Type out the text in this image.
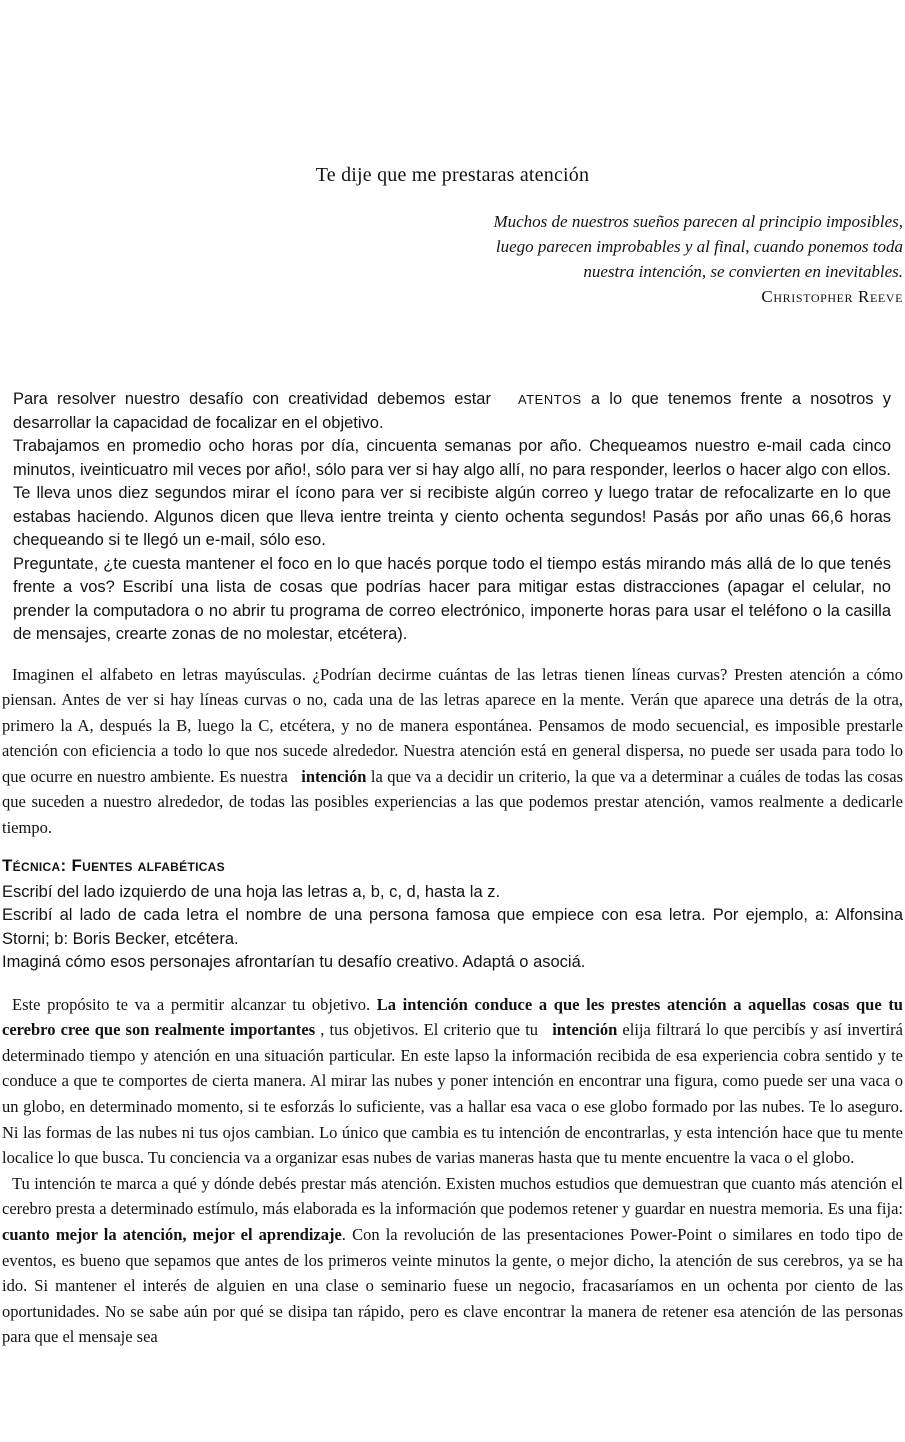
Te dije que me prestaras atención

Muchos de nuestros sueños parecen al principio imposibles,

luego parecen improbables y al final, cuando ponemos toda

nuestra intención, se convierten en inevitables.

Christopher Reeve

Para resolver nuestro desafío con creatividad debemos estar ATENTOS a lo que tenemos frente a nosotros y desarrollar la capacidad de focalizar en el objetivo.

Trabajamos en promedio ocho horas por día, cincuenta semanas por año. Chequeamos nuestro e-mail cada cinco minutos, iveinticuatro mil veces por año!, sólo para ver si hay algo allí, no para responder, leerlos o hacer algo con ellos. Te lleva unos diez segundos mirar el ícono para ver si recibiste algún correo y luego tratar de refocalizarte en lo que estabas haciendo. Algunos dicen que lleva ientre treinta y ciento ochenta segundos! Pasás por año unas 66,6 horas chequeando si te llegó un e-mail, sólo eso.

Preguntate, ¿te cuesta mantener el foco en lo que hacés porque todo el tiempo estás mirando más allá de lo que tenés frente a vos? Escribí una lista de cosas que podrías hacer para mitigar estas distracciones (apagar el celular, no prender la computadora o no abrir tu programa de correo electrónico, imponerte horas para usar el teléfono o la casilla de mensajes, crearte zonas de no molestar, etcétera).

Imaginen el alfabeto en letras mayúsculas. ¿Podrían decirme cuántas de las letras tienen líneas curvas? Presten atención a cómo piensan. Antes de ver si hay líneas curvas o no, cada una de las letras aparece en la mente. Verán que aparece una detrás de la otra, primero la A, después la B, luego la C, etcétera, y no de manera espontánea. Pensamos de modo secuencial, es imposible prestarle atención con eficiencia a todo lo que nos sucede alrededor. Nuestra atención está en general dispersa, no puede ser usada para todo lo que ocurre en nuestro ambiente. Es nuestra intención la que va a decidir un criterio, la que va a determinar a cuáles de todas las cosas que suceden a nuestro alrededor, de todas las posibles experiencias a las que podemos prestar atención, vamos realmente a dedicarle tiempo.

Técnica: Fuentes alfabéticas

Escribí del lado izquierdo de una hoja las letras a, b, c, d, hasta la z.

Escribí al lado de cada letra el nombre de una persona famosa que empiece con esa letra. Por ejemplo, a: Alfonsina Storni; b: Boris Becker, etcétera.

Imaginá cómo esos personajes afrontarían tu desafío creativo. Adaptá o asociá.

Este propósito te va a permitir alcanzar tu objetivo. La intención conduce a que les prestes atención a aquellas cosas que tu cerebro cree que son realmente importantes , tus objetivos. El criterio que tu intención elija filtrará lo que percibís y así invertirá determinado tiempo y atención en una situación particular. En este lapso la información recibida de esa experiencia cobra sentido y te conduce a que te comportes de cierta manera. Al mirar las nubes y poner intención en encontrar una figura, como puede ser una vaca o un globo, en determinado momento, si te esforzás lo suficiente, vas a hallar esa vaca o ese globo formado por las nubes. Te lo aseguro. Ni las formas de las nubes ni tus ojos cambian. Lo único que cambia es tu intención de encontrarlas, y esta intención hace que tu mente localice lo que busca. Tu conciencia va a organizar esas nubes de varias maneras hasta que tu mente encuentre la vaca o el globo.

Tu intención te marca a qué y dónde debés prestar más atención. Existen muchos estudios que demuestran que cuanto más atención el cerebro presta a determinado estímulo, más elaborada es la información que podemos retener y guardar en nuestra memoria. Es una fija: cuanto mejor la atención, mejor el aprendizaje. Con la revolución de las presentaciones Power-Point o similares en todo tipo de eventos, es bueno que sepamos que antes de los primeros veinte minutos la gente, o mejor dicho, la atención de sus cerebros, ya se ha ido. Si mantener el interés de alguien en una clase o seminario fuese un negocio, fracasaríamos en un ochenta por ciento de las oportunidades. No se sabe aún por qué se disipa tan rápido, pero es clave encontrar la manera de retener esa atención de las personas para que el mensaje sea
